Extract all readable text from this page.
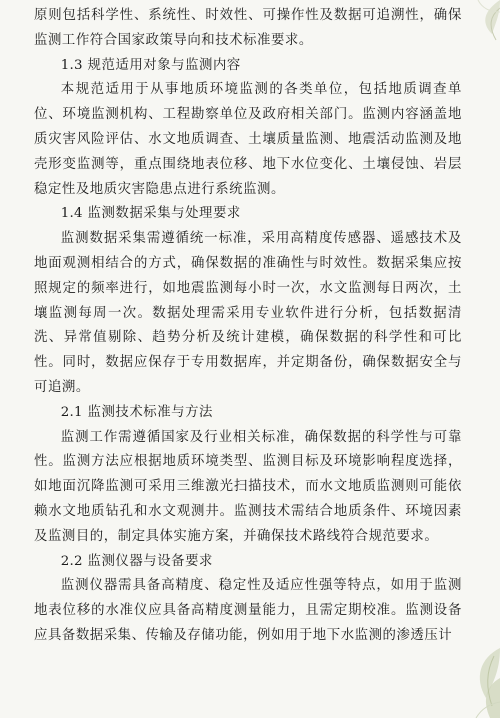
原则包括科学性、系统性、时效性、可操作性及数据可追溯性，确保监测工作符合国家政策导向和技术标准要求。

1.3 规范适用对象与监测内容

本规范适用于从事地质环境监测的各类单位，包括地质调查单位、环境监测机构、工程勘察单位及政府相关部门。监测内容涵盖地质灾害风险评估、水文地质调查、土壤质量监测、地震活动监测及地壳形变监测等，重点围绕地表位移、地下水位变化、土壤侵蚀、岩层稳定性及地质灾害隐患点进行系统监测。

1.4 监测数据采集与处理要求

监测数据采集需遵循统一标准，采用高精度传感器、遥感技术及地面观测相结合的方式，确保数据的准确性与时效性。数据采集应按照规定的频率进行，如地震监测每小时一次，水文监测每日两次，土壤监测每周一次。数据处理需采用专业软件进行分析，包括数据清洗、异常值剔除、趋势分析及统计建模，确保数据的科学性和可比性。同时，数据应保存于专用数据库，并定期备份，确保数据安全与可追溯。

2.1 监测技术标准与方法

监测工作需遵循国家及行业相关标准，确保数据的科学性与可靠性。监测方法应根据地质环境类型、监测目标及环境影响程度选择，如地面沉降监测可采用三维激光扫描技术，而水文地质监测则可能依赖水文地质钻孔和水文观测井。监测技术需结合地质条件、环境因素及监测目的，制定具体实施方案，并确保技术路线符合规范要求。

2.2 监测仪器与设备要求

监测仪器需具备高精度、稳定性及适应性强等特点，如用于监测地表位移的水准仪应具备高精度测量能力，且需定期校准。监测设备应具备数据采集、传输及存储功能，例如用于地下水监测的渗透压计
